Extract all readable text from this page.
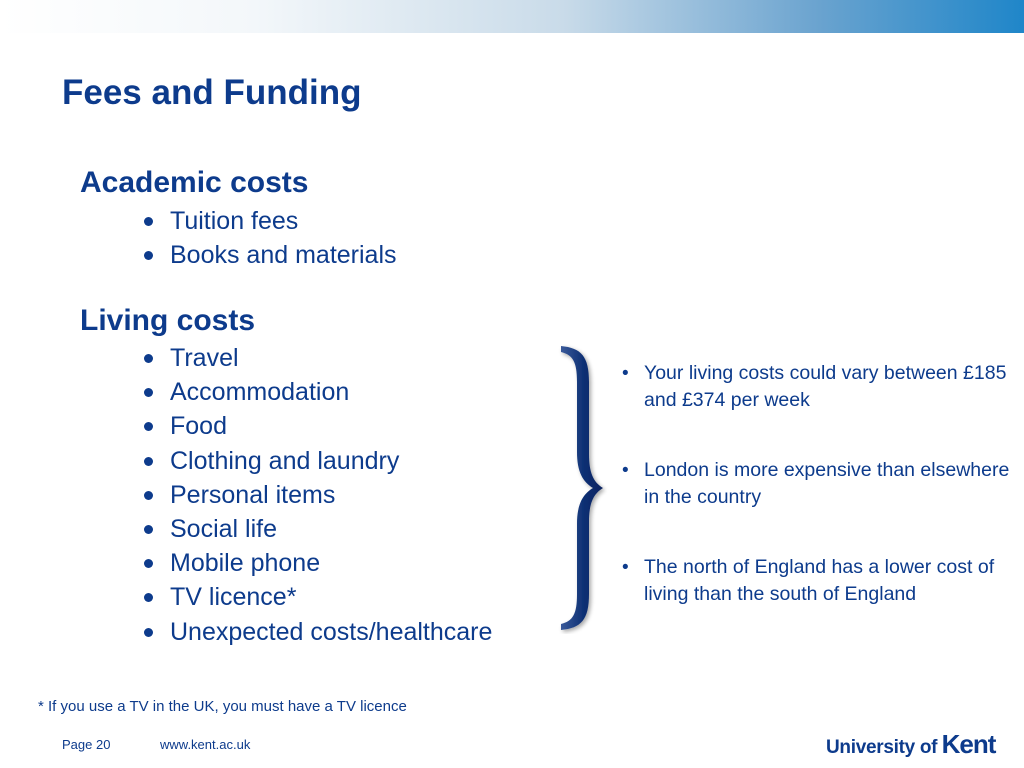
Fees and Funding
Academic costs
Tuition fees
Books and materials
Living costs
Travel
Accommodation
Food
Clothing and laundry
Personal items
Social life
Mobile phone
TV licence*
Unexpected costs/healthcare
• Your living costs could vary between £185 and £374 per week
• London is more expensive than elsewhere in the country
• The north of England has a lower cost of living than the south of England
* If you use a TV in the UK, you must have a TV licence
Page 20	www.kent.ac.uk	University of Kent
